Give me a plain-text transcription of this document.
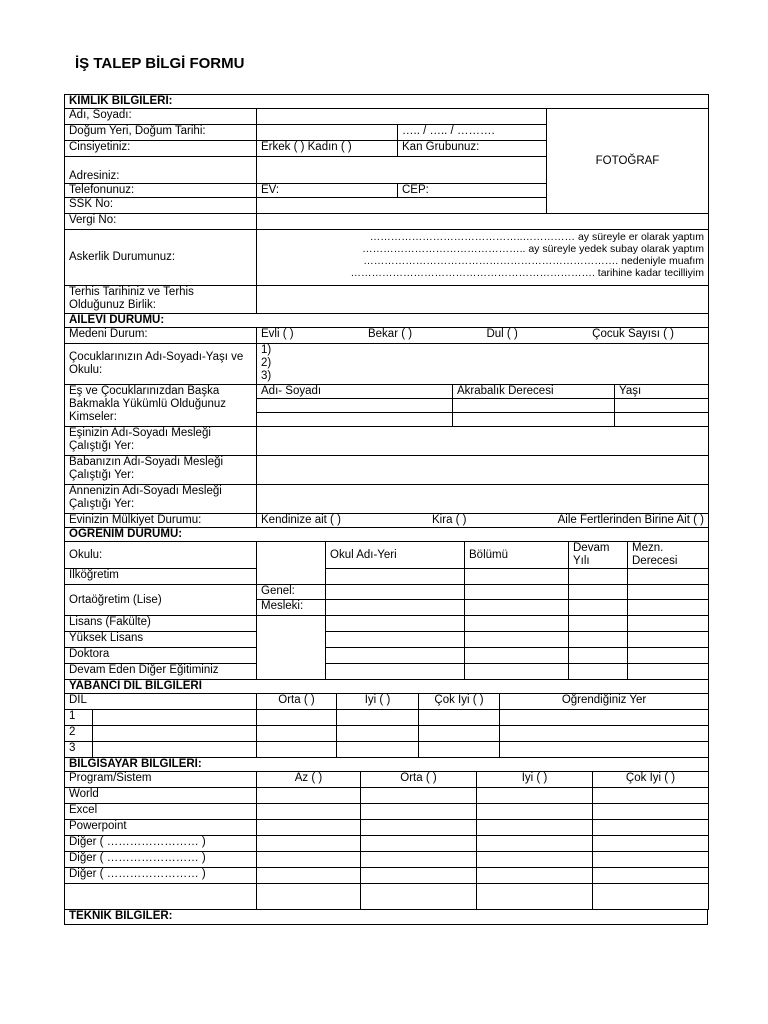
İŞ TALEP BİLGİ FORMU
KİMLİK BİLGİLERİ:			
Adı, Soyadı:			FOTOĞRAF
Doğum Yeri, Doğum Tarihi:		….. / ….. / ……….	
Cinsiyetiniz:	Erkek ( ) Kadın ( )	Kan Grubunuz:	
Adresiniz:			
Telefonunuz:	EV:	CEP:	
SSK No:			
Vergi No:			
Askerlik Durumunuz:	……………………………………..…………… ay süreyle er olarak yaptım
……………………………………….. ay süreyle yedek subay olarak yaptım
………………………………………………………………. nedeniyle muafım
……………………………………………………………. tarihine kadar tecilliyim		

Terhis Tarihiniz ve Terhis Olduğunuz Birlik:			
AİLEVİ DURUMU:			
Medeni Durum:	Evli ( ) Bekar ( ) Dul ( ) Çocuk Sayısı ( )		

Çocuklarınızın Adı-Soyadı-Yaşı ve Okulu:	1)
2)
3)		

Eş ve Çocuklarınızdan Başka Bakmakla Yükümlü Olduğunuz Kimseler:	Adı- Soyadı	Akrabalık Derecesi	Yaşı

Eşinizin Adı-Soyadı Mesleği Çalıştığı Yer:			
Babanızın Adı-Soyadı Mesleği Çalıştığı Yer:			
Annenizin Adı-Soyadı Mesleği Çalıştığı Yer:			
Evinizin Mülkiyet Durumu:	Kendinize ait ( ) Kira ( ) Aile Fertlerinden Birine Ait ( )		
ÖĞRENİM DURUMU:					
Okulu:		Okul Adı-Yeri	Bölümü	Devam Yılı	Mezn. Derecesi
İlköğretim					
Ortaöğretim (Lise)	Genel:				
	Mesleki:				
Lisans (Fakülte)					
Yüksek Lisans					
Doktora					
Devam Eden Diğer Eğitiminiz					
YABANCI DİL BİLGİLERİ					
DİL		Orta ( )	İyi ( )	Çok İyi ( )	Öğrendiğiniz Yer
1					
2					
3					
BİLGİSAYAR BİLGİLERİ:				
Program/Sistem	Az ( )	Orta ( )	İyi ( )	Çok İyi ( )
World				
Excel				
Powerpoint				
Diğer ( …………………… )				
Diğer ( …………………… )				
Diğer ( …………………… )				

TEKNİK BİLGİLER:
